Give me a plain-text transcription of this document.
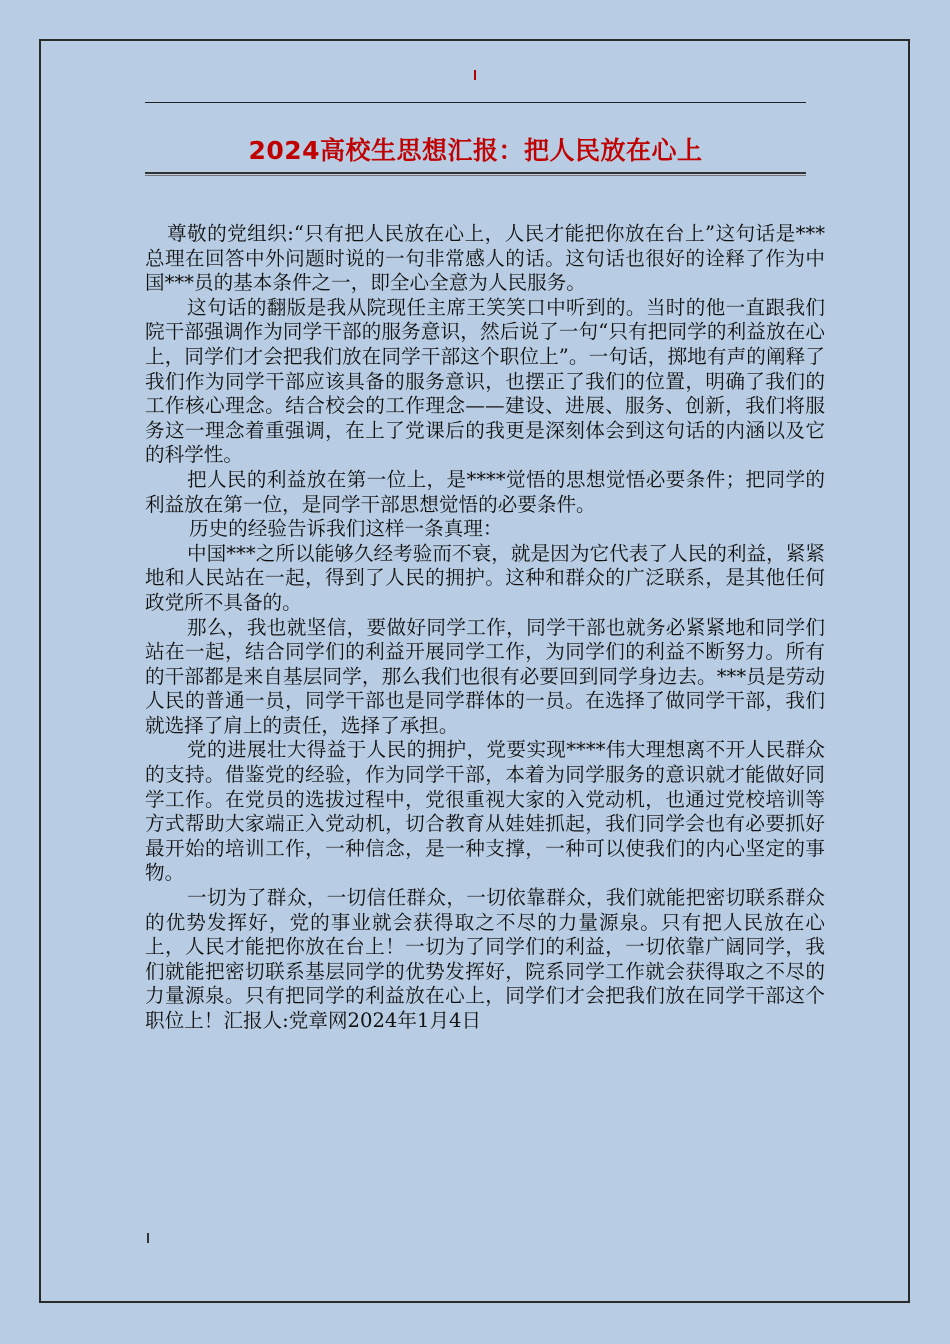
2024高校生思想汇报：把人民放在心上

尊敬的党组织:“只有把人民放在心上，人民才能把你放在台上”这句话是***总理在回答中外问题时说的一句非常感人的话。这句话也很好的诠释了作为中国***员的基本条件之一，即全心全意为人民服务。

这句话的翻版是我从院现任主席王笑笑口中听到的。当时的他一直跟我们院干部强调作为同学干部的服务意识，然后说了一句“只有把同学的利益放在心上，同学们才会把我们放在同学干部这个职位上”。一句话，掷地有声的阐释了我们作为同学干部应该具备的服务意识，也摆正了我们的位置，明确了我们的工作核心理念。结合校会的工作理念——建设、进展、服务、创新，我们将服务这一理念着重强调，在上了党课后的我更是深刻体会到这句话的内涵以及它的科学性。

把人民的利益放在第一位上，是****觉悟的思想觉悟必要条件；把同学的利益放在第一位，是同学干部思想觉悟的必要条件。

历史的经验告诉我们这样一条真理：

中国***之所以能够久经考验而不衰，就是因为它代表了人民的利益，紧紧地和人民站在一起，得到了人民的拥护。这种和群众的广泛联系，是其他任何政党所不具备的。

那么，我也就坚信，要做好同学工作，同学干部也就务必紧紧地和同学们站在一起，结合同学们的利益开展同学工作，为同学们的利益不断努力。所有的干部都是来自基层同学，那么我们也很有必要回到同学身边去。***员是劳动人民的普通一员，同学干部也是同学群体的一员。在选择了做同学干部，我们就选择了肩上的责任，选择了承担。

党的进展壮大得益于人民的拥护，党要实现****伟大理想离不开人民群众的支持。借鉴党的经验，作为同学干部，本着为同学服务的意识就才能做好同学工作。在党员的选拔过程中，党很重视大家的入党动机，也通过党校培训等方式帮助大家端正入党动机，切合教育从娃娃抓起，我们同学会也有必要抓好最开始的培训工作，一种信念，是一种支撑，一种可以使我们的内心坚定的事物。

一切为了群众，一切信任群众，一切依靠群众，我们就能把密切联系群众的优势发挥好，党的事业就会获得取之不尽的力量源泉。只有把人民放在心上，人民才能把你放在台上！一切为了同学们的利益，一切依靠广阔同学，我们就能把密切联系基层同学的优势发挥好，院系同学工作就会获得取之不尽的力量源泉。只有把同学的利益放在心上，同学们才会把我们放在同学干部这个职位上！汇报人:党章网2024年1月4日
